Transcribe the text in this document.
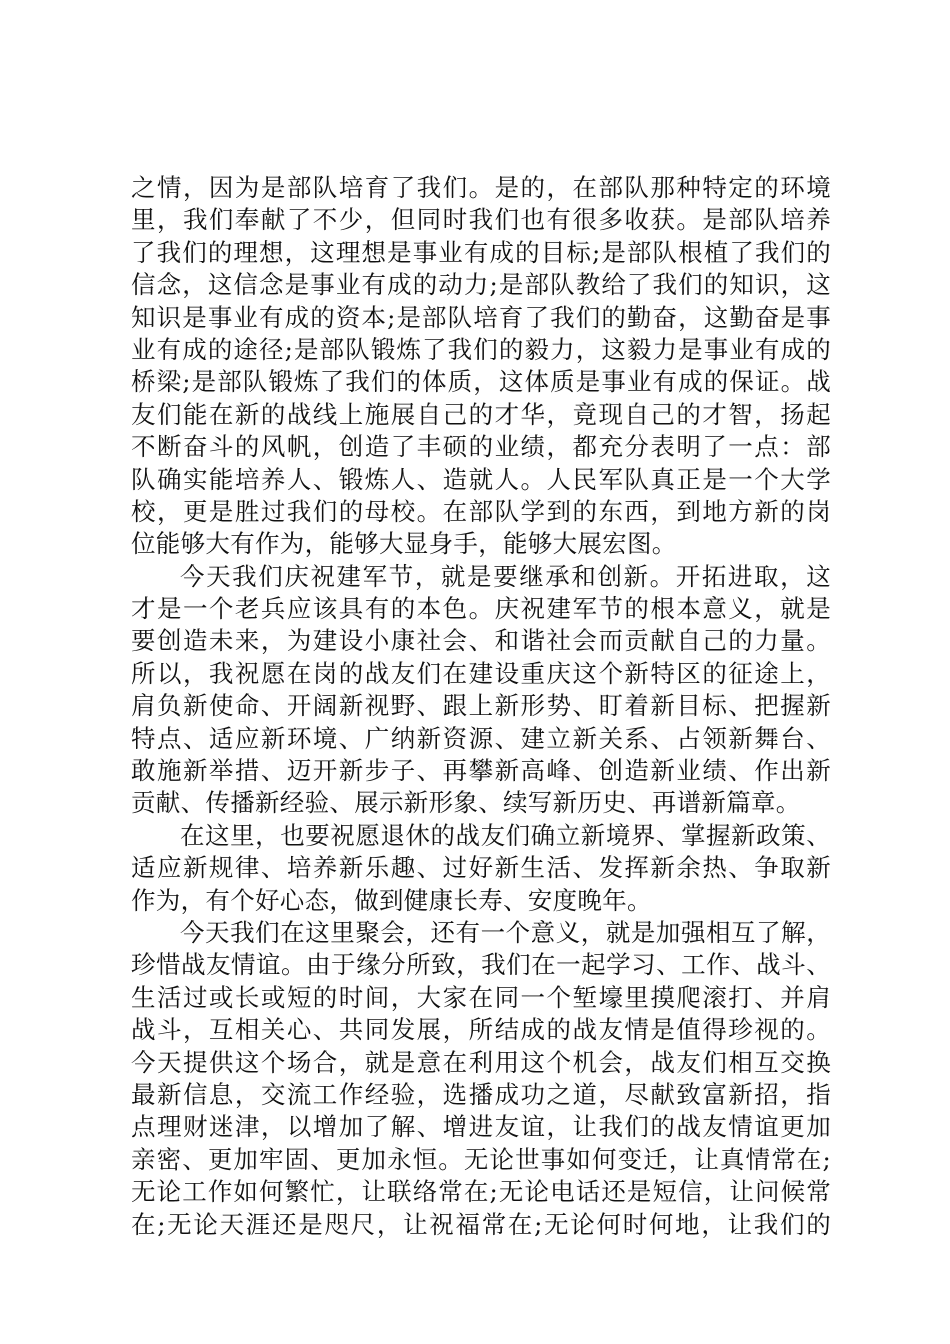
之情，因为是部队培育了我们。是的，在部队那种特定的环境
里，我们奉献了不少，但同时我们也有很多收获。是部队培养
了我们的理想，这理想是事业有成的目标;是部队根植了我们的
信念，这信念是事业有成的动力;是部队教给了我们的知识，这
知识是事业有成的资本;是部队培育了我们的勤奋，这勤奋是事
业有成的途径;是部队锻炼了我们的毅力，这毅力是事业有成的
桥梁;是部队锻炼了我们的体质，这体质是事业有成的保证。战
友们能在新的战线上施展自己的才华，竟现自己的才智，扬起
不断奋斗的风帆，创造了丰硕的业绩，都充分表明了一点：部
队确实能培养人、锻炼人、造就人。人民军队真正是一个大学
校，更是胜过我们的母校。在部队学到的东西，到地方新的岗
位能够大有作为，能够大显身手，能够大展宏图。
今天我们庆祝建军节，就是要继承和创新。开拓进取，这
才是一个老兵应该具有的本色。庆祝建军节的根本意义，就是
要创造未来，为建设小康社会、和谐社会而贡献自己的力量。
所以，我祝愿在岗的战友们在建设重庆这个新特区的征途上，
肩负新使命、开阔新视野、跟上新形势、盯着新目标、把握新
特点、适应新环境、广纳新资源、建立新关系、占领新舞台、
敢施新举措、迈开新步子、再攀新高峰、创造新业绩、作出新
贡献、传播新经验、展示新形象、续写新历史、再谱新篇章。
在这里，也要祝愿退休的战友们确立新境界、掌握新政策、
适应新规律、培养新乐趣、过好新生活、发挥新余热、争取新
作为，有个好心态，做到健康长寿、安度晚年。
今天我们在这里聚会，还有一个意义，就是加强相互了解，
珍惜战友情谊。由于缘分所致，我们在一起学习、工作、战斗、
生活过或长或短的时间，大家在同一个堑壕里摸爬滚打、并肩
战斗，互相关心、共同发展，所结成的战友情是值得珍视的。
今天提供这个场合，就是意在利用这个机会，战友们相互交换
最新信息，交流工作经验，选播成功之道，尽献致富新招，指
点理财迷津，以增加了解、增进友谊，让我们的战友情谊更加
亲密、更加牢固、更加永恒。无论世事如何变迁，让真情常在;
无论工作如何繁忙，让联络常在;无论电话还是短信，让问候常
在;无论天涯还是咫尺，让祝福常在;无论何时何地，让我们的
